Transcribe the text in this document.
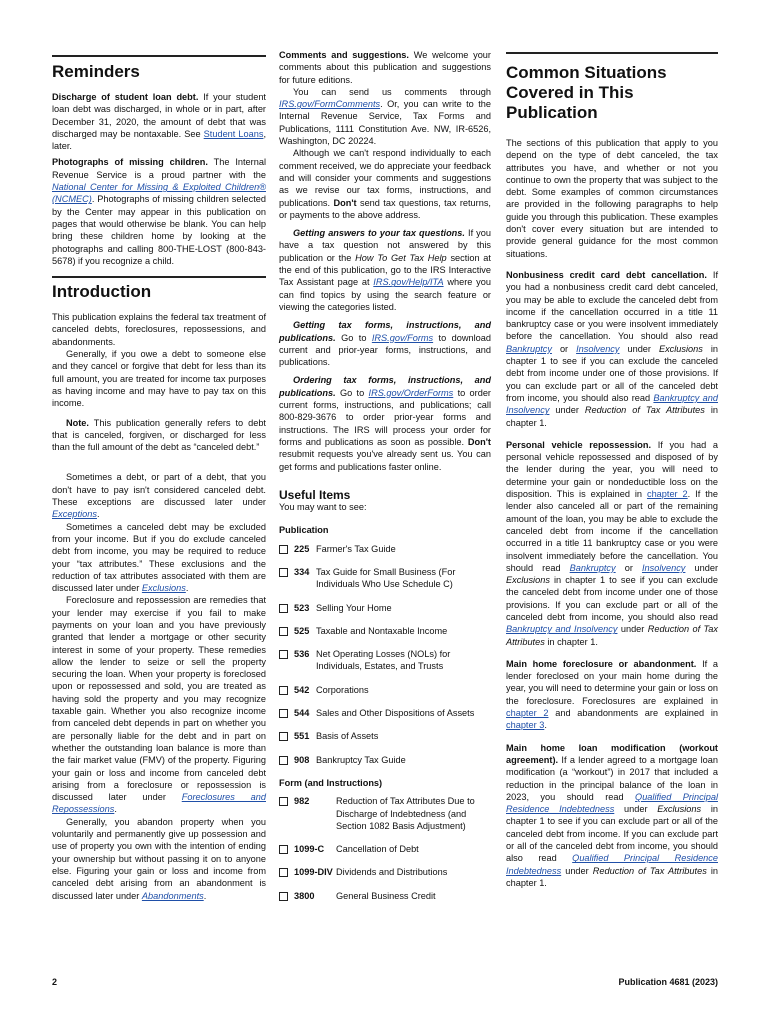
Reminders

Discharge of student loan debt. If your student loan debt was discharged, in whole or in part, after December 31, 2020, the amount of debt that was discharged may be nontaxable. See Student Loans, later.

Photographs of missing children. The Internal Revenue Service is a proud partner with the National Center for Missing & Exploited Children® (NCMEC). Photographs of missing children selected by the Center may appear in this publication on pages that would otherwise be blank. You can help bring these children home by looking at the photographs and calling 800-THE-LOST (800-843-5678) if you recognize a child.

Introduction

This publication explains the federal tax treatment of canceled debts, foreclosures, repossessions, and abandonments.

Generally, if you owe a debt to someone else and they cancel or forgive that debt for less than its full amount, you are treated for income tax purposes as having income and may have to pay tax on this income.

Note. This publication generally refers to debt that is canceled, forgiven, or discharged for less than the full amount of the debt as “canceled debt.”

Sometimes a debt, or part of a debt, that you don't have to pay isn't considered canceled debt. These exceptions are discussed later under Exceptions.

Sometimes a canceled debt may be excluded from your income. But if you do exclude canceled debt from income, you may be required to reduce your “tax attributes.” These exclusions and the reduction of tax attributes associated with them are discussed later under Exclusions.

Foreclosure and repossession are remedies that your lender may exercise if you fail to make payments on your loan and you have previously granted that lender a mortgage or other security interest in some of your property. These remedies allow the lender to seize or sell the property securing the loan. When your property is foreclosed upon or repossessed and sold, you are treated as having sold the property and you may recognize taxable gain. Whether you also recognize income from canceled debt depends in part on whether you are personally liable for the debt and in part on whether the outstanding loan balance is more than the fair market value (FMV) of the property. Figuring your gain or loss and income from canceled debt arising from a foreclosure or repossession is discussed later under Foreclosures and Repossessions.

Generally, you abandon property when you voluntarily and permanently give up possession and use of property you own with the intention of ending your ownership but without passing it on to anyone else. Figuring your gain or loss and income from canceled debt arising from an abandonment is discussed later under Abandonments.

2

Comments and suggestions. We welcome your comments about this publication and suggestions for future editions.

You can send us comments through IRS.gov/FormComments. Or, you can write to the Internal Revenue Service, Tax Forms and Publications, 1111 Constitution Ave. NW, IR-6526, Washington, DC 20224.

Although we can't respond individually to each comment received, we do appreciate your feedback and will consider your comments and suggestions as we revise our tax forms, instructions, and publications. Don't send tax questions, tax returns, or payments to the above address.

Getting answers to your tax questions. If you have a tax question not answered by this publication or the How To Get Tax Help section at the end of this publication, go to the IRS Interactive Tax Assistant page at IRS.gov/Help/ITA where you can find topics by using the search feature or viewing the categories listed.

Getting tax forms, instructions, and publications. Go to IRS.gov/Forms to download current and prior-year forms, instructions, and publications.

Ordering tax forms, instructions, and publications. Go to IRS.gov/OrderForms to order current forms, instructions, and publications; call 800-829-3676 to order prior-year forms and instructions. The IRS will process your order for forms and publications as soon as possible. Don't resubmit requests you've already sent us. You can get forms and publications faster online.

Useful Items

You may want to see:

Publication

225 Farmer's Tax Guide
334 Tax Guide for Small Business (For Individuals Who Use Schedule C)
523 Selling Your Home
525 Taxable and Nontaxable Income
536 Net Operating Losses (NOLs) for Individuals, Estates, and Trusts
542 Corporations
544 Sales and Other Dispositions of Assets
551 Basis of Assets
908 Bankruptcy Tax Guide

Form (and Instructions)

982	Reduction of Tax Attributes Due to Discharge of Indebtedness (and Section 1082 Basis Adjustment)
1099-C	Cancellation of Debt
1099-DIV Dividends and Distributions
3800	General Business Credit
Common Situations Covered in This Publication

The sections of this publication that apply to you depend on the type of debt canceled, the tax attributes you have, and whether or not you continue to own the property that was subject to the debt. Some examples of common circumstances are provided in the following paragraphs to help guide you through this publication. These examples don't cover every situation but are intended to provide general guidance for the most common situations.

Nonbusiness credit card debt cancellation. If you had a nonbusiness credit card debt canceled, you may be able to exclude the canceled debt from income if the cancellation occurred in a title 11 bankruptcy case or you were insolvent immediately before the cancellation. You should also read Bankruptcy or Insolvency under Exclusions in chapter 1 to see if you can exclude the canceled debt from income under one of those provisions. If you can exclude part or all of the canceled debt from income, you should also read Bankruptcy and Insolvency under Reduction of Tax Attributes in chapter 1.

Personal vehicle repossession. If you had a personal vehicle repossessed and disposed of by the lender during the year, you will need to determine your gain or nondeductible loss on the disposition. This is explained in chapter 2. If the lender also canceled all or part of the remaining amount of the loan, you may be able to exclude the canceled debt from income if the cancellation occurred in a title 11 bankruptcy case or you were insolvent immediately before the cancellation. You should read Bankruptcy or Insolvency under Exclusions in chapter 1 to see if you can exclude the canceled debt from income under one of those provisions. If you can exclude part or all of the canceled debt from income, you should also read Bankruptcy and Insolvency under Reduction of Tax Attributes in chapter 1.

Main home foreclosure or abandonment. If a lender foreclosed on your main home during the year, you will need to determine your gain or loss on the foreclosure. Foreclosures are explained in chapter 2 and abandonments are explained in chapter 3.

Main home loan modification (workout agreement). If a lender agreed to a mortgage loan modification (a “workout”) in 2017 that included a reduction in the principal balance of the loan in 2023, you should read Qualified Principal Residence Indebtedness under Exclusions in chapter 1 to see if you can exclude part or all of the canceled debt from income. If you can exclude part or all of the canceled debt from income, you should also read Qualified Principal Residence Indebtedness under Reduction of Tax Attributes in chapter 1.

Publication 4681 (2023)
